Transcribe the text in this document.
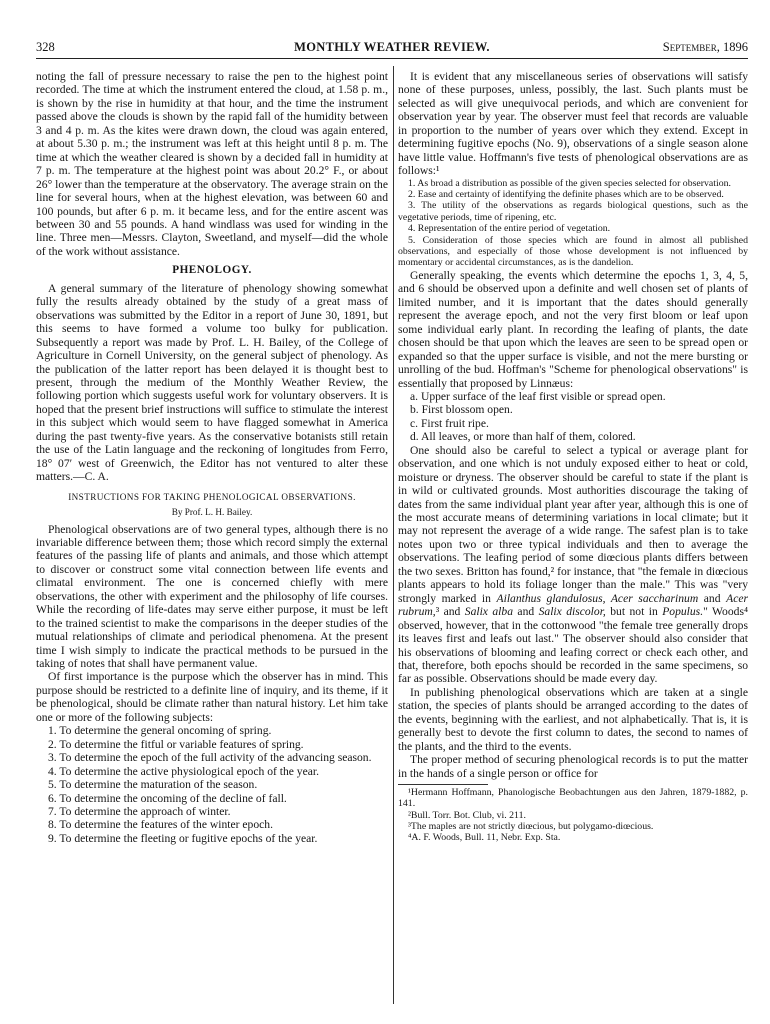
328	MONTHLY WEATHER REVIEW.	September, 1896

noting the fall of pressure necessary to raise the pen to the highest point recorded. The time at which the instrument entered the cloud, at 1.58 p. m., is shown by the rise in humidity at that hour, and the time the instrument passed above the clouds is shown by the rapid fall of the humidity between 3 and 4 p. m. As the kites were drawn down, the cloud was again entered, at about 5.30 p. m.; the instrument was left at this height until 8 p. m. The time at which the weather cleared is shown by a decided fall in humidity at 7 p. m. The temperature at the highest point was about 20.2° F., or about 26° lower than the temperature at the observatory. The average strain on the line for several hours, when at the highest elevation, was between 60 and 100 pounds, but after 6 p. m. it became less, and for the entire ascent was between 30 and 55 pounds. A hand windlass was used for winding in the line. Three men—Messrs. Clayton, Sweetland, and myself—did the whole of the work without assistance.

PHENOLOGY.

A general summary of the literature of phenology showing somewhat fully the results already obtained by the study of a great mass of observations was submitted by the Editor in a report of June 30, 1891, but this seems to have formed a volume too bulky for publication. Subsequently a report was made by Prof. L. H. Bailey, of the College of Agriculture in Cornell University, on the general subject of phenology. As the publication of the latter report has been delayed it is thought best to present, through the medium of the Monthly Weather Review, the following portion which suggests useful work for voluntary observers. It is hoped that the present brief instructions will suffice to stimulate the interest in this subject which would seem to have flagged somewhat in America during the past twenty-five years. As the conservative botanists still retain the use of the Latin language and the reckoning of longitudes from Ferro, 18° 07′ west of Greenwich, the Editor has not ventured to alter these matters.—C. A.

INSTRUCTIONS FOR TAKING PHENOLOGICAL OBSERVATIONS.
By Prof. L. H. Bailey.

Phenological observations are of two general types, although there is no invariable difference between them; those which record simply the external features of the passing life of plants and animals, and those which attempt to discover or construct some vital connection between life events and climatal environment. The one is concerned chiefly with mere observations, the other with experiment and the philosophy of life courses. While the recording of life-dates may serve either purpose, it must be left to the trained scientist to make the comparisons in the deeper studies of the mutual relationships of climate and periodical phenomena. At the present time I wish simply to indicate the practical methods to be pursued in the taking of notes that shall have permanent value.

Of first importance is the purpose which the observer has in mind. This purpose should be restricted to a definite line of inquiry, and its theme, if it be phenological, should be climate rather than natural history. Let him take one or more of the following subjects:

1. To determine the general oncoming of spring.
2. To determine the fitful or variable features of spring.
3. To determine the epoch of the full activity of the advancing season.
4. To determine the active physiological epoch of the year.
5. To determine the maturation of the season.
6. To determine the oncoming of the decline of fall.
7. To determine the approach of winter.
8. To determine the features of the winter epoch.
9. To determine the fleeting or fugitive epochs of the year.

It is evident that any miscellaneous series of observations will satisfy none of these purposes, unless, possibly, the last. Such plants must be selected as will give unequivocal periods, and which are convenient for observation year by year. The observer must feel that records are valuable in proportion to the number of years over which they extend. Except in determining fugitive epochs (No. 9), observations of a single season alone have little value. Hoffmann's five tests of phenological observations are as follows:¹

1. As broad a distribution as possible of the given species selected for observation.

2. Ease and certainty of identifying the definite phases which are to be observed.

3. The utility of the observations as regards biological questions, such as the vegetative periods, time of ripening, etc.

4. Representation of the entire period of vegetation.

5. Consideration of those species which are found in almost all published observations, and especially of those whose development is not influenced by momentary or accidental circumstances, as is the dandelion.

Generally speaking, the events which determine the epochs 1, 3, 4, 5, and 6 should be observed upon a definite and well chosen set of plants of limited number, and it is important that the dates should generally represent the average epoch, and not the very first bloom or leaf upon some individual early plant. In recording the leafing of plants, the date chosen should be that upon which the leaves are seen to be spread open or expanded so that the upper surface is visible, and not the mere bursting or unrolling of the bud. Hoffman's "Scheme for phenological observations" is essentially that proposed by Linnæus:

a. Upper surface of the leaf first visible or spread open.
b. First blossom open.
c. First fruit ripe.
d. All leaves, or more than half of them, colored.

One should also be careful to select a typical or average plant for observation, and one which is not unduly exposed either to heat or cold, moisture or dryness. The observer should be careful to state if the plant is in wild or cultivated grounds. Most authorities discourage the taking of dates from the same individual plant year after year, although this is one of the most accurate means of determining variations in local climate; but it may not represent the average of a wide range. The safest plan is to take notes upon two or three typical individuals and then to average the observations. The leafing period of some diœcious plants differs between the two sexes. Britton has found,² for instance, that "the female in diœcious plants appears to hold its foliage longer than the male." This was "very strongly marked in Ailanthus glandulosus, Acer saccharinum and Acer rubrum,³ and Salix alba and Salix discolor, but not in Populus." Woods⁴ observed, however, that in the cottonwood "the female tree generally drops its leaves first and leafs out last." The observer should also consider that his observations of blooming and leafing correct or check each other, and that, therefore, both epochs should be recorded in the same specimens, so far as possible. Observations should be made every day.

In publishing phenological observations which are taken at a single station, the species of plants should be arranged according to the dates of the events, beginning with the earliest, and not alphabetically. That is, it is generally best to devote the first column to dates, the second to names of the plants, and the third to the events.

The proper method of securing phenological records is to put the matter in the hands of a single person or office for

¹Hermann Hoffmann, Phanologische Beobachtungen aus den Jahren, 1879-1882, p. 141.
²Bull. Torr. Bot. Club, vi. 211.
³The maples are not strictly diœcious, but polygamo-diœcious.
⁴A. F. Woods, Bull. 11, Nebr. Exp. Sta.
